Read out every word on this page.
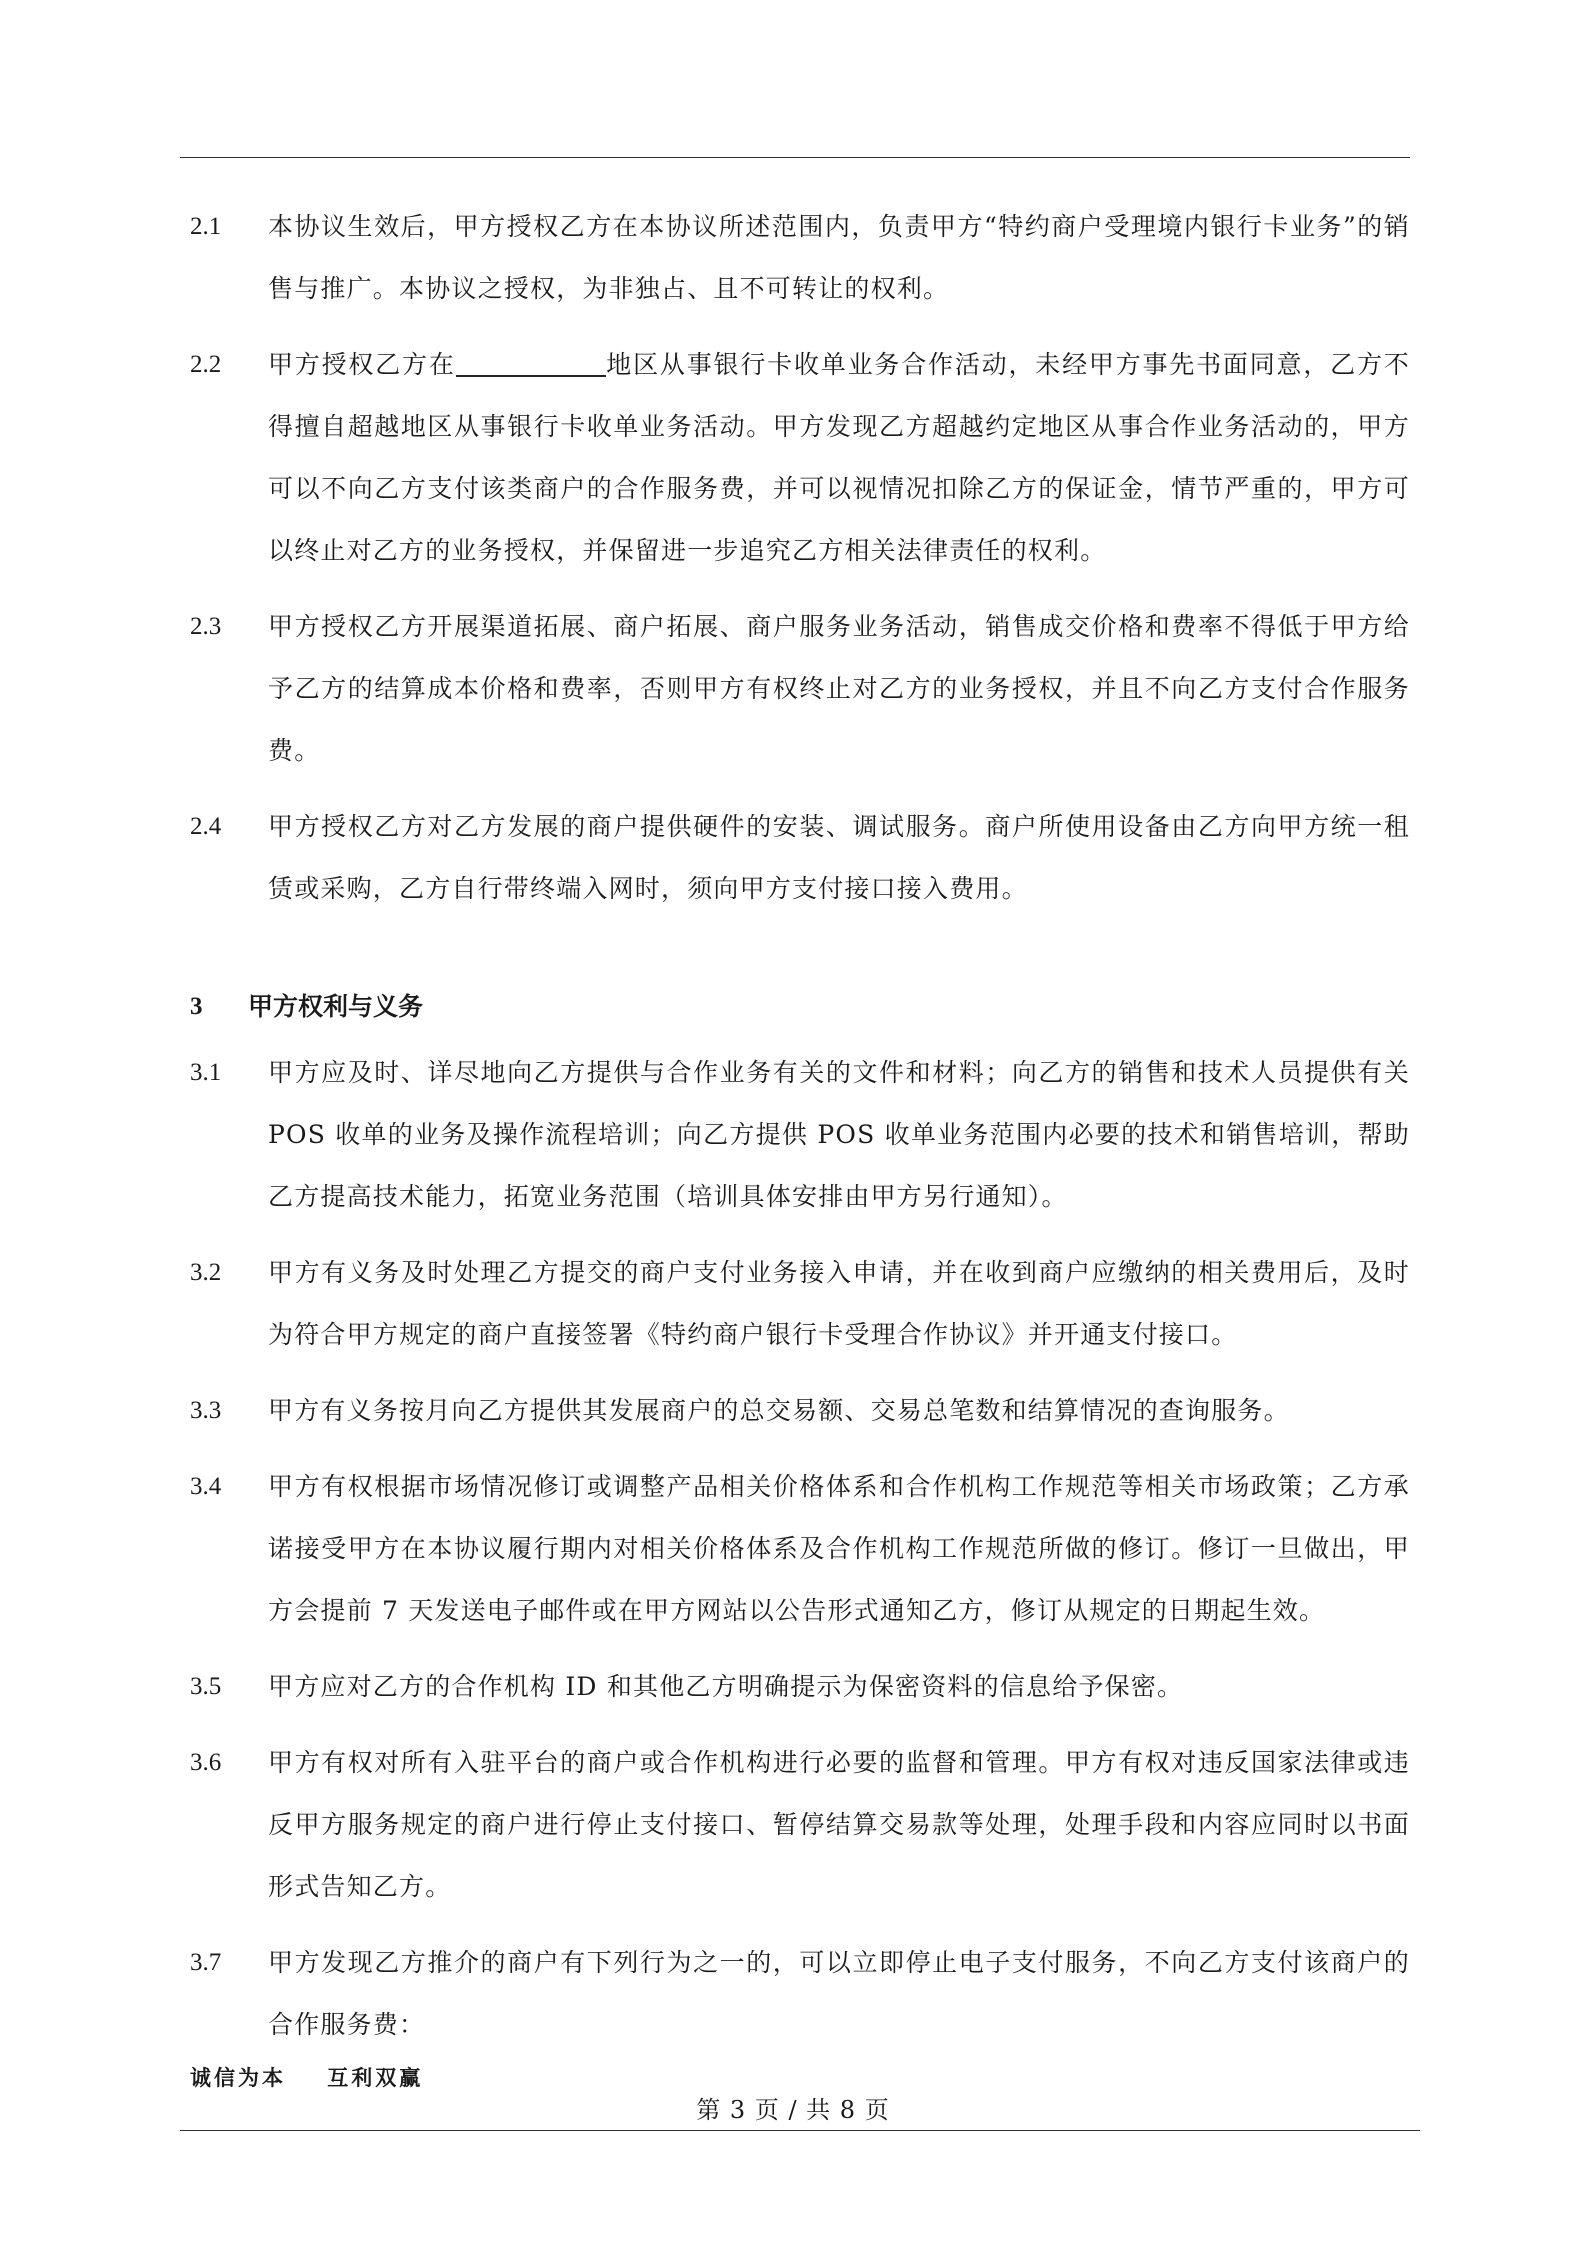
2.1	本协议生效后，甲方授权乙方在本协议所述范围内，负责甲方“特约商户受理境内银行卡业务”的销售与推广。本协议之授权，为非独占、且不可转让的权利。
2.2	甲方授权乙方在	地区从事银行卡收单业务合作活动，未经甲方事先书面同意，乙方不得擅自超越地区从事银行卡收单业务活动。甲方发现乙方超越约定地区从事合作业务活动的，甲方可以不向乙方支付该类商户的合作服务费，并可以视情况扣除乙方的保证金，情节严重的，甲方可以终止对乙方的业务授权，并保留进一步追究乙方相关法律责任的权利。
2.3	甲方授权乙方开展渠道拓展、商户拓展、商户服务业务活动，销售成交价格和费率不得低于甲方给予乙方的结算成本价格和费率，否则甲方有权终止对乙方的业务授权，并且不向乙方支付合作服务费。
2.4	甲方授权乙方对乙方发展的商户提供硬件的安装、调试服务。商户所使用设备由乙方向甲方统一租赁或采购，乙方自行带终端入网时，须向甲方支付接口接入费用。
3	甲方权利与义务
3.1	甲方应及时、详尽地向乙方提供与合作业务有关的文件和材料；向乙方的销售和技术人员提供有关 POS 收单的业务及操作流程培训；向乙方提供 POS 收单业务范围内必要的技术和销售培训，帮助乙方提高技术能力，拓宽业务范围（培训具体安排由甲方另行通知）。
3.2	甲方有义务及时处理乙方提交的商户支付业务接入申请，并在收到商户应缴纳的相关费用后，及时为符合甲方规定的商户直接签署《特约商户银行卡受理合作协议》并开通支付接口。
3.3	甲方有义务按月向乙方提供其发展商户的总交易额、交易总笔数和结算情况的查询服务。
3.4	甲方有权根据市场情况修订或调整产品相关价格体系和合作机构工作规范等相关市场政策；乙方承诺接受甲方在本协议履行期内对相关价格体系及合作机构工作规范所做的修订。修订一旦做出，甲方会提前 7 天发送电子邮件或在甲方网站以公告形式通知乙方，修订从规定的日期起生效。
3.5	甲方应对乙方的合作机构 ID 和其他乙方明确提示为保密资料的信息给予保密。
3.6	甲方有权对所有入驻平台的商户或合作机构进行必要的监督和管理。甲方有权对违反国家法律或违反甲方服务规定的商户进行停止支付接口、暂停结算交易款等处理，处理手段和内容应同时以书面形式告知乙方。
3.7	甲方发现乙方推介的商户有下列行为之一的，可以立即停止电子支付服务，不向乙方支付该商户的合作服务费：
诚信为本    互利双赢
第 3 页 / 共 8 页
